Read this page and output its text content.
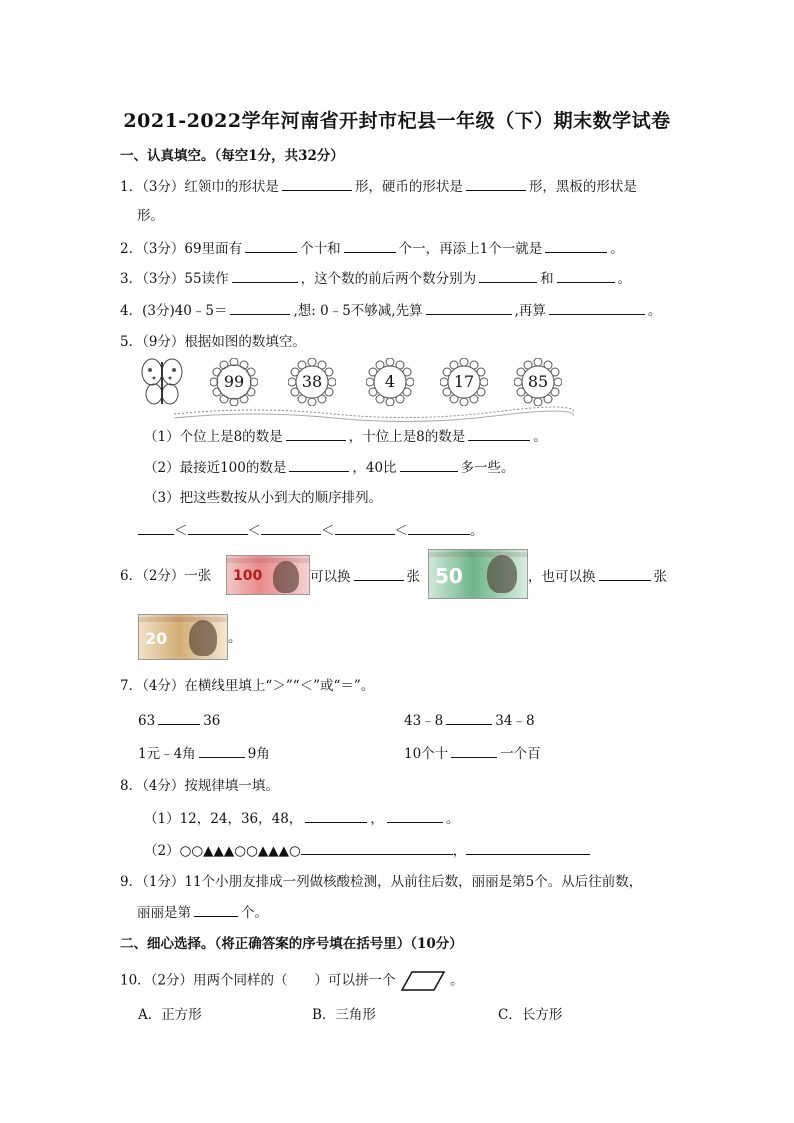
2021-2022学年河南省开封市杞县一年级（下）期末数学试卷
一、认真填空。（每空1分，共32分）
1．（3分）红领巾的形状是	形，硬币的形状是	形，黑板的形状是
形。
2．（3分）69里面有	个十和	个一，再添上1个一就是	。
3．（3分）55读作	，这个数的前后两个数分别为	和	。
4．(3分)40﹣5＝	,想: 0﹣5不够减,先算	,再算	。
5．（9分）根据如图的数填空。
99	38	4	17	85
（1）个位上是8的数是	，十位上是8的数是	。
（2）最接近100的数是	，40比	多一些。
（3）把这些数按从小到大的顺序排列。
＜	＜	＜	＜	。
6．（2分）一张 100	可以换	张 50	，也可以换	张
20	。
7．（4分）在横线里填上“＞”“＜”或“＝”。
63	36	43﹣8	34﹣8
1元﹣4角	9角	10个十	一个百
8．（4分）按规律填一填。
（1）12，24，36，48，	，	。
（2）○○▲▲▲○○▲▲▲○	，
9．（1分）11个小朋友排成一列做核酸检测，从前往后数，丽丽是第5个。从后往前数，
丽丽是第	个。
二、细心选择。（将正确答案的序号填在括号里）（10分）
10．（2分）用两个同样的（　　）可以拼一个	。
A．正方形	B．三角形	C．长方形
